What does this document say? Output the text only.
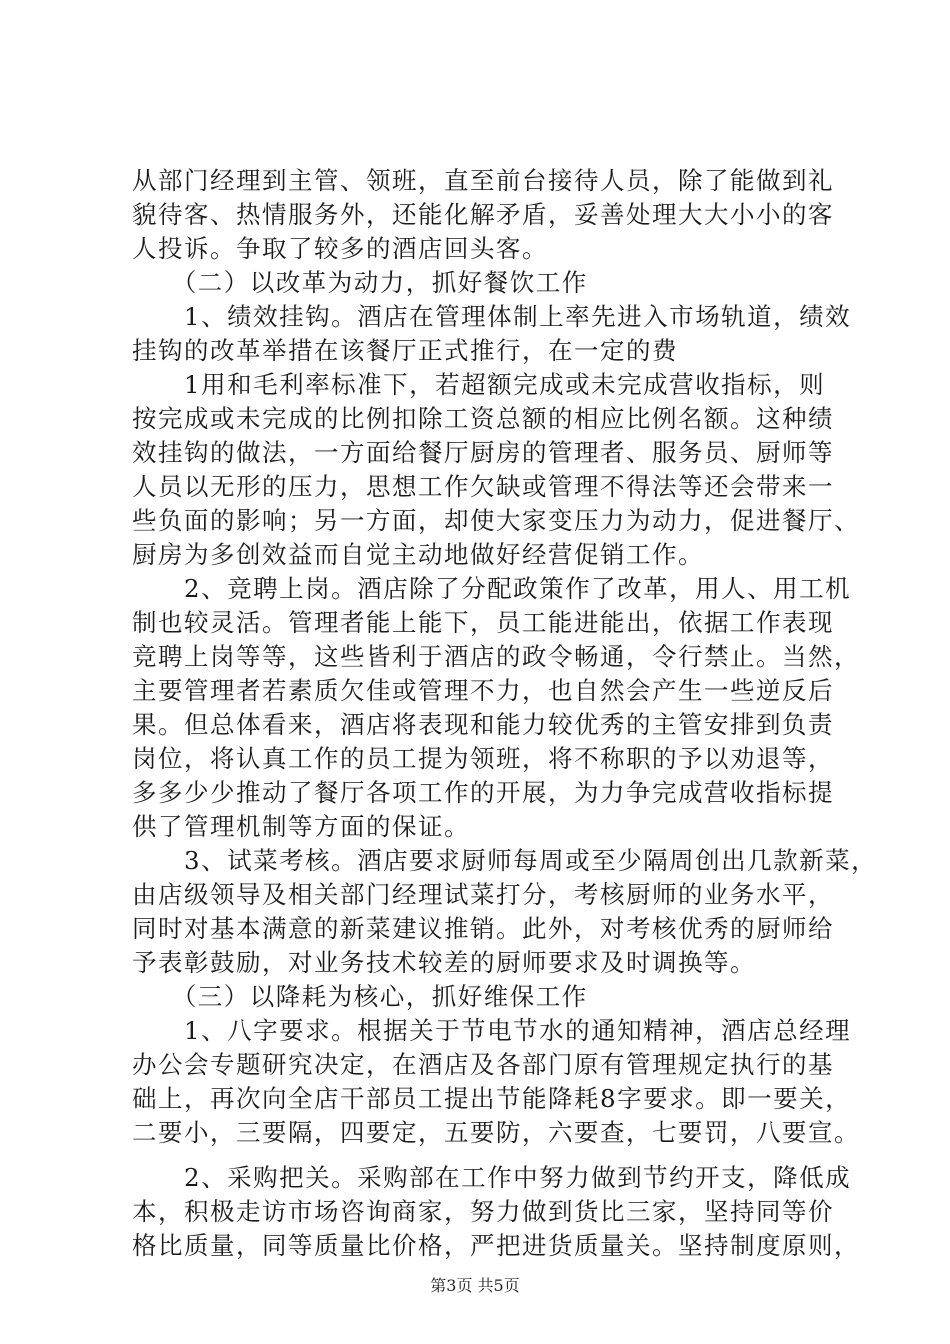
从部门经理到主管、领班，直至前台接待人员，除了能做到礼
貌待客、热情服务外，还能化解矛盾，妥善处理大大小小的客
人投诉。争取了较多的酒店回头客。
　　（二）以改革为动力，抓好餐饮工作
　　1、绩效挂钩。酒店在管理体制上率先进入市场轨道，绩效
挂钩的改革举措在该餐厅正式推行，在一定的费
　　1用和毛利率标准下，若超额完成或未完成营收指标，则
按完成或未完成的比例扣除工资总额的相应比例名额。这种绩
效挂钩的做法，一方面给餐厅厨房的管理者、服务员、厨师等
人员以无形的压力，思想工作欠缺或管理不得法等还会带来一
些负面的影响；另一方面，却使大家变压力为动力，促进餐厅、
厨房为多创效益而自觉主动地做好经营促销工作。
　　2、竞聘上岗。酒店除了分配政策作了改革，用人、用工机
制也较灵活。管理者能上能下，员工能进能出，依据工作表现
竞聘上岗等等，这些皆利于酒店的政令畅通，令行禁止。当然，
主要管理者若素质欠佳或管理不力，也自然会产生一些逆反后
果。但总体看来，酒店将表现和能力较优秀的主管安排到负责
岗位，将认真工作的员工提为领班，将不称职的予以劝退等，
多多少少推动了餐厅各项工作的开展，为力争完成营收指标提
供了管理机制等方面的保证。
　　3、试菜考核。酒店要求厨师每周或至少隔周创出几款新菜，
由店级领导及相关部门经理试菜打分，考核厨师的业务水平，
同时对基本满意的新菜建议推销。此外，对考核优秀的厨师给
予表彰鼓励，对业务技术较差的厨师要求及时调换等。
　　（三）以降耗为核心，抓好维保工作
　　1、八字要求。根据关于节电节水的通知精神，酒店总经理
办公会专题研究决定，在酒店及各部门原有管理规定执行的基
础上，再次向全店干部员工提出节能降耗8字要求。即一要关，
二要小，三要隔，四要定，五要防，六要查，七要罚，八要宣。
　　2、采购把关。采购部在工作中努力做到节约开支，降低成
本，积极走访市场咨询商家，努力做到货比三家，坚持同等价
格比质量，同等质量比价格，严把进货质量关。坚持制度原则，
第3页 共5页
